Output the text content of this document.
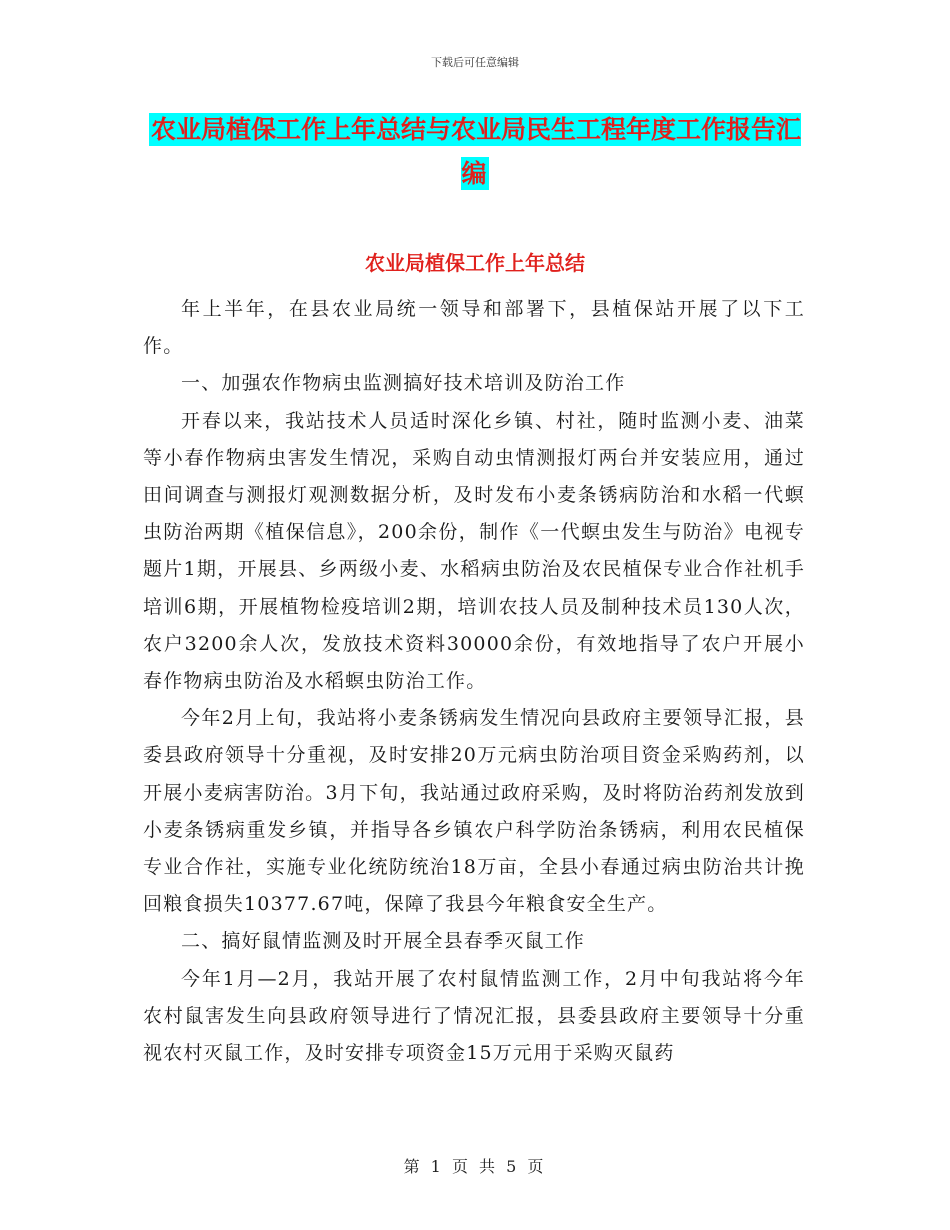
下载后可任意编辑
农业局植保工作上年总结与农业局民生工程年度工作报告汇编
农业局植保工作上年总结

年上半年，在县农业局统一领导和部署下，县植保站开展了以下工作。

一、加强农作物病虫监测搞好技术培训及防治工作

开春以来，我站技术人员适时深化乡镇、村社，随时监测小麦、油菜等小春作物病虫害发生情况，采购自动虫情测报灯两台并安装应用，通过田间调查与测报灯观测数据分析，及时发布小麦条锈病防治和水稻一代螟虫防治两期《植保信息》，200余份，制作《一代螟虫发生与防治》电视专题片1期，开展县、乡两级小麦、水稻病虫防治及农民植保专业合作社机手培训6期，开展植物检疫培训2期，培训农技人员及制种技术员130人次，农户3200余人次，发放技术资料30000余份，有效地指导了农户开展小春作物病虫防治及水稻螟虫防治工作。

今年2月上旬，我站将小麦条锈病发生情况向县政府主要领导汇报，县委县政府领导十分重视，及时安排20万元病虫防治项目资金采购药剂，以开展小麦病害防治。3月下旬，我站通过政府采购，及时将防治药剂发放到小麦条锈病重发乡镇，并指导各乡镇农户科学防治条锈病，利用农民植保专业合作社，实施专业化统防统治18万亩，全县小春通过病虫防治共计挽回粮食损失10377.67吨，保障了我县今年粮食安全生产。

二、搞好鼠情监测及时开展全县春季灭鼠工作

今年1月—2月，我站开展了农村鼠情监测工作，2月中旬我站将今年农村鼠害发生向县政府领导进行了情况汇报，县委县政府主要领导十分重视农村灭鼠工作，及时安排专项资金15万元用于采购灭鼠药

第 1 页 共 5 页
